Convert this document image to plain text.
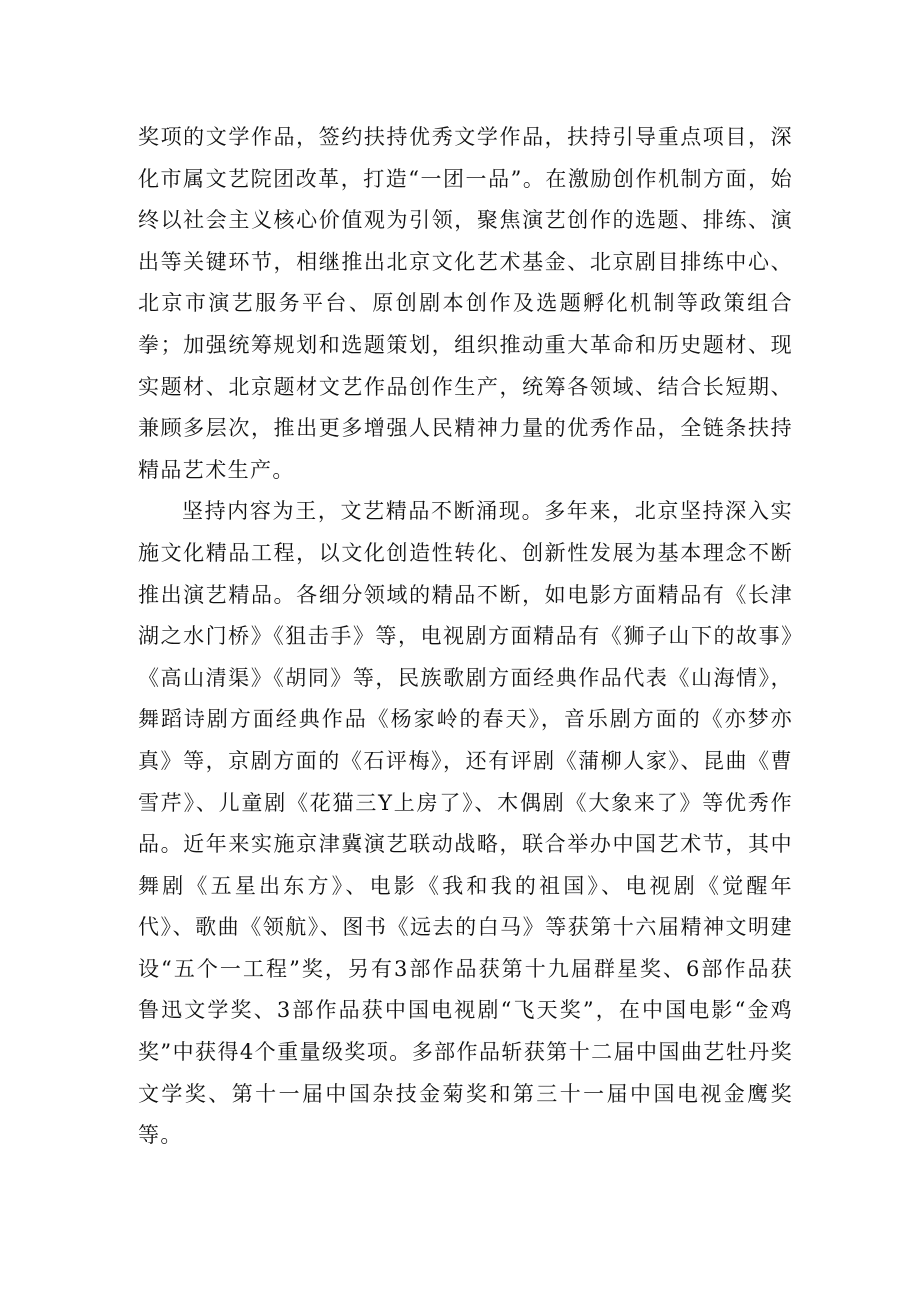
奖项的文学作品，签约扶持优秀文学作品，扶持引导重点项目，深化市属文艺院团改革，打造“一团一品”。在激励创作机制方面，始终以社会主义核心价值观为引领，聚焦演艺创作的选题、排练、演出等关键环节，相继推出北京文化艺术基金、北京剧目排练中心、北京市演艺服务平台、原创剧本创作及选题孵化机制等政策组合拳；加强统筹规划和选题策划，组织推动重大革命和历史题材、现实题材、北京题材文艺作品创作生产，统筹各领域、结合长短期、兼顾多层次，推出更多增强人民精神力量的优秀作品，全链条扶持精品艺术生产。

坚持内容为王，文艺精品不断涌现。多年来，北京坚持深入实施文化精品工程，以文化创造性转化、创新性发展为基本理念不断推出演艺精品。各细分领域的精品不断，如电影方面精品有《长津湖之水门桥》《狙击手》等，电视剧方面精品有《狮子山下的故事》《高山清渠》《胡同》等，民族歌剧方面经典作品代表《山海情》，舞蹈诗剧方面经典作品《杨家岭的春天》，音乐剧方面的《亦梦亦真》等，京剧方面的《石评梅》，还有评剧《蒲柳人家》、昆曲《曹雪芹》、儿童剧《花猫三Y上房了》、木偶剧《大象来了》等优秀作品。近年来实施京津冀演艺联动战略，联合举办中国艺术节，其中舞剧《五星出东方》、电影《我和我的祖国》、电视剧《觉醒年代》、歌曲《领航》、图书《远去的白马》等获第十六届精神文明建设“五个一工程”奖，另有3部作品获第十九届群星奖、6部作品获鲁迅文学奖、3部作品获中国电视剧“飞天奖”，在中国电影“金鸡奖”中获得4个重量级奖项。多部作品斩获第十二届中国曲艺牡丹奖文学奖、第十一届中国杂技金菊奖和第三十一届中国电视金鹰奖等。
